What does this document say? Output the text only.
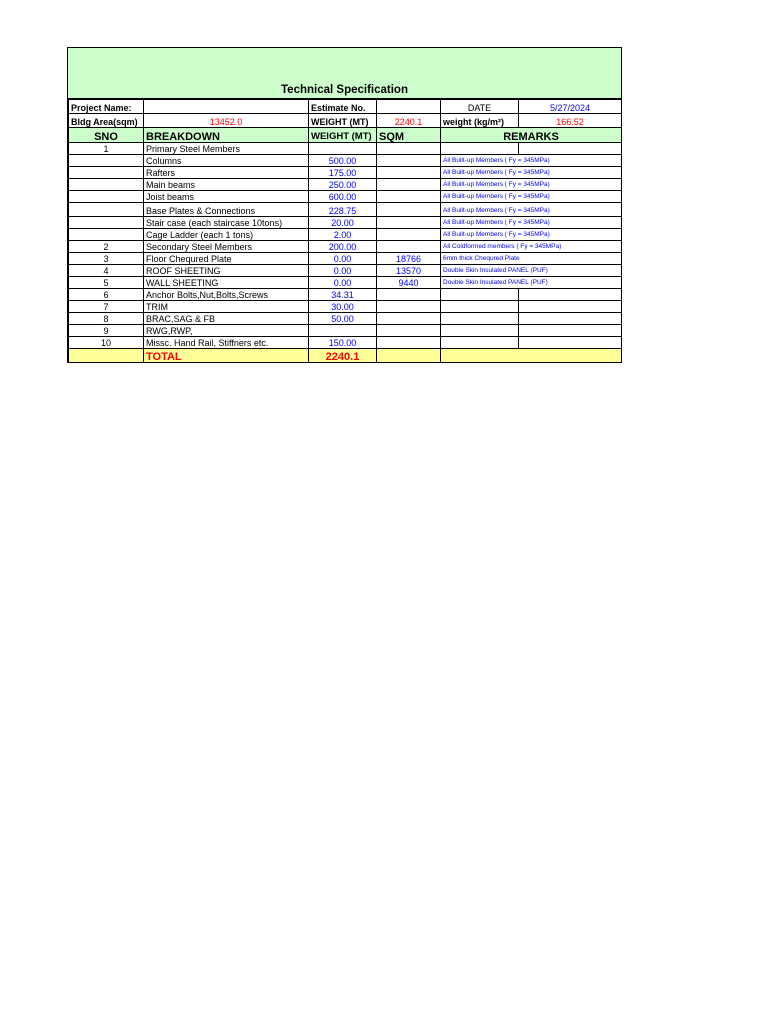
Technical Specification
Project Name:		Estimate No.		DATE	5/27/2024
Bldg Area(sqm)	13452.0	WEIGHT (MT)	2240.1	weight (kg/m²)	166.52
SNO	BREAKDOWN	WEIGHT (MT)	SQM	REMARKS	
1	Primary Steel Members				
	Columns	500.00		All Built-up Members ( Fy = 345MPa)	
	Rafters	175.00		All Built-up Members ( Fy = 345MPa)	
	Main beams	250.00		All Built-up Members ( Fy = 345MPa)	
	Joist beams	600.00		All Built-up Members ( Fy = 345MPa)	
	Base Plates & Connections	228.75		All Built-up Members ( Fy = 345MPa)	
	Stair case (each staircase 10tons)	20.00		All Built-up Members ( Fy = 345MPa)	
	Cage Ladder (each 1 tons)	2.00		All Built-up Members ( Fy = 345MPa)	
2	Secondary Steel Members	200.00		All Coldformed members ( Fy = 345MPa)	
3	Floor Chequred Plate	0.00	18766	6mm thick Chequred Plate	
4	ROOF SHEETING	0.00	13570	Double Skin Insulated PANEL (PUF)	
5	WALL SHEETING	0.00	9440	Double Skin Insulated PANEL (PUF)	
6	Anchor Bolts,Nut,Bolts,Screws	34.31			
7	TRIM	30.00			
8	BRAC,SAG & FB	50.00			
9	RWG,RWP,				
10	Missc. Hand Rail, Stiffners etc.	150.00			
	TOTAL	2240.1			
